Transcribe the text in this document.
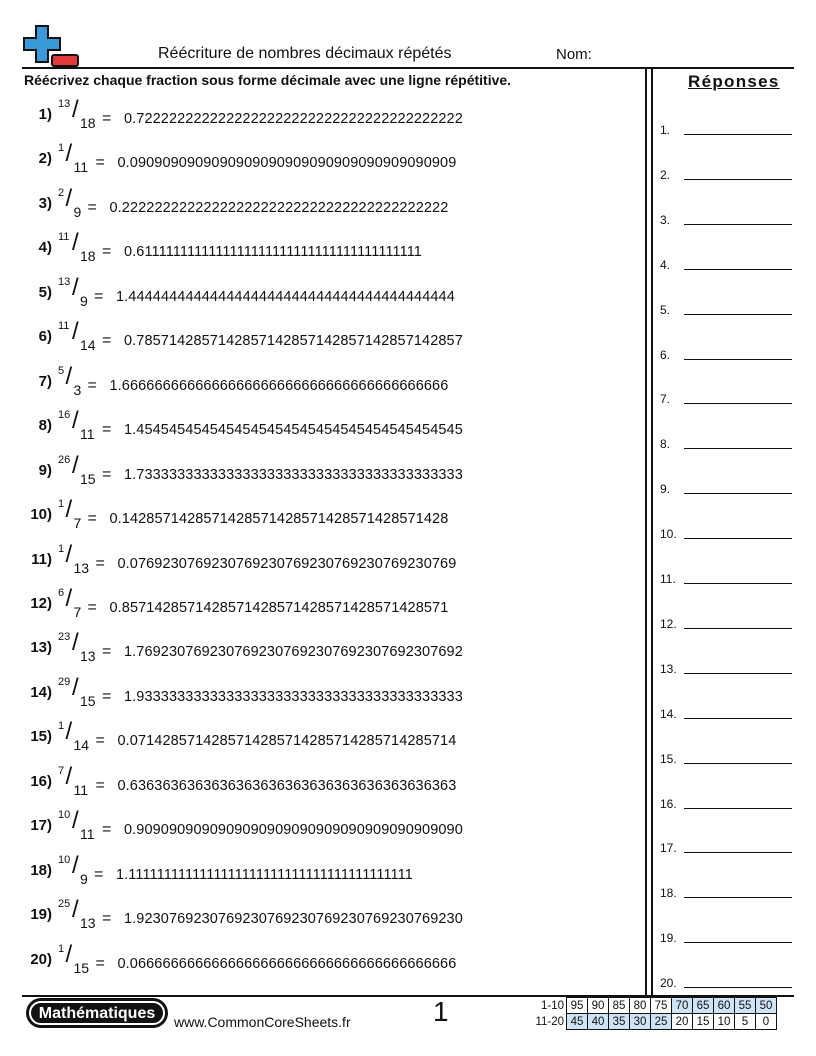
Réécriture de nombres décimaux répétés	Nom:
Réécrivez chaque fraction sous forme décimale avec une ligne répétitive.
1)
13 / 18 = 0.7222222222222222222222222222222222222222
2)
1 / 11 = 0.0909090909090909090909090909090909090909
3)
2 / 9 = 0.2222222222222222222222222222222222222222
4)
11 / 18 = 0.6111111111111111111111111111111111111111
5)
13 / 9 = 1.4444444444444444444444444444444444444444
6)
11 / 14 = 0.7857142857142857142857142857142857142857
7)
5 / 3 = 1.6666666666666666666666666666666666666666
8)
16 / 11 = 1.4545454545454545454545454545454545454545
9)
26 / 15 = 1.7333333333333333333333333333333333333333
10)
1 / 7 = 0.1428571428571428571428571428571428571428
11)
1 / 13 = 0.0769230769230769230769230769230769230769
12)
6 / 7 = 0.8571428571428571428571428571428571428571
13)
23 / 13 = 1.7692307692307692307692307692307692307692
14)
29 / 15 = 1.9333333333333333333333333333333333333333
15)
1 / 14 = 0.0714285714285714285714285714285714285714
16)
7 / 11 = 0.6363636363636363636363636363636363636363
17)
10 / 11 = 0.9090909090909090909090909090909090909090
18)
10 / 9 = 1.1111111111111111111111111111111111111111
19)
25 / 13 = 1.9230769230769230769230769230769230769230
20)
1 / 15 = 0.0666666666666666666666666666666666666666
Réponses
1.
2.
3.
4.
5.
6.
7.
8.
9.
10.
11.
12.
13.
14.
15.
16.
17.
18.
19.
20.
Mathématiques	www.CommonCoreSheets.fr	1	1-10	95	90	85	80	75	70	65	60	55	50
11-20	45	40	35	30	25	20	15	10	5	0
